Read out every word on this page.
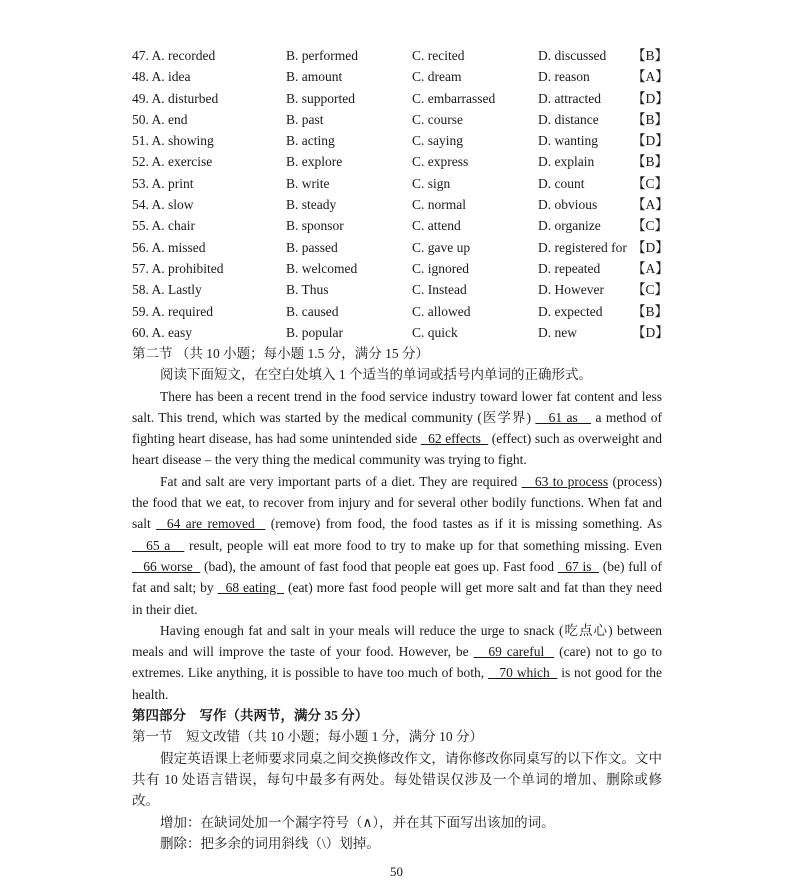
47. A. recorded	B. performed	C. recited	D. discussed 【B】
48. A. idea	B. amount	C. dream	D. reason	【A】
49. A. disturbed	B. supported	C. embarrassed	D. attracted 【D】
50. A. end	B. past	C. course	D. distance 【B】
51. A. showing	B. acting	C. saying	D. wanting	【D】
52. A. exercise	B. explore	C. express	D. explain	【B】
53. A. print	B. write	C. sign	D. count	【C】
54. A. slow	B. steady	C. normal	D. obvious	【A】
55. A. chair	B. sponsor	C. attend	D. organize 【C】
56. A. missed	B. passed	C. gave up	D. registered for 【D】
57. A. prohibited	B. welcomed	C. ignored	D. repeated 【A】
58. A. Lastly	B. Thus	C. Instead	D. However 【C】
59. A. required	B. caused	C. allowed	D. expected 【B】
60. A. easy	B. popular	C. quick	D. new	【D】
第二节 （共 10 小题；每小题 1.5 分，满分 15 分）
阅读下面短文，在空白处填入 1 个适当的单词或括号内单词的正确形式。

There has been a recent trend in the food service industry toward lower fat content and less salt. This trend, which was started by the medical community (医学界)    61 as    a method of fighting heart disease, has had some unintended side   62 effects   (effect) such as overweight and heart disease – the very thing the medical community was trying to fight.

Fat and salt are very important parts of a diet. They are required    63 to process (process) the food that we eat, to recover from injury and for several other bodily functions. When fat and salt   64 are removed   (remove) from food, the food tastes as if it is missing something. As    65 a    result, people will eat more food to try to make up for that something missing. Even    66 worse   (bad), the amount of fast food that people eat goes up. Fast food   67 is   (be) full of fat and salt; by   68 eating   (eat) more fast food people will get more salt and fat than they need in their diet.

Having enough fat and salt in your meals will reduce the urge to snack (吃点心) between meals and will improve the taste of your food. However, be    69 careful   (care) not to go to extremes. Like anything, it is possible to have too much of both,    70 which   is not good for the health.

第四部分　写作（共两节，满分 35 分）
第一节　短文改错（共 10 小题；每小题 1 分，满分 10 分）

假定英语课上老师要求同桌之间交换修改作文，请你修改你同桌写的以下作文。文中共有 10 处语言错误，每句中最多有两处。每处错误仅涉及一个单词的增加、删除或修改。

增加：在缺词处加一个漏字符号（∧），并在其下面写出该加的词。
删除：把多余的词用斜线（\）划掉。
50
